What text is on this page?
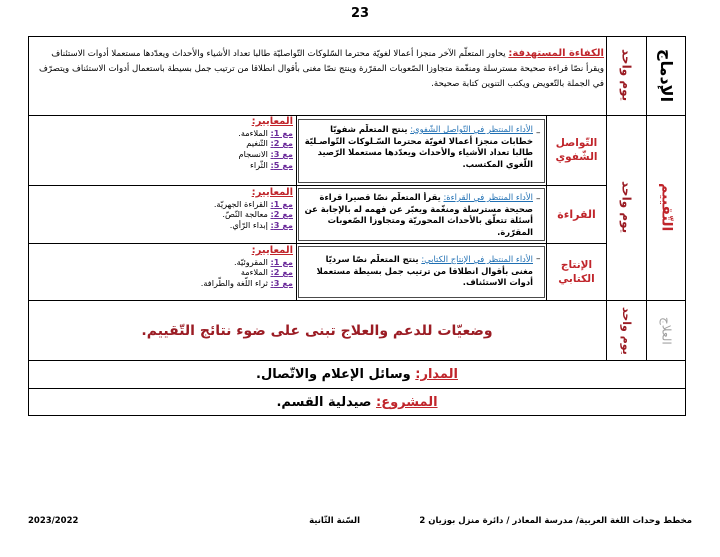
23
الإدماج
يوم واحد
الكفاءة المستهدفة: يحاور المتعلّم الآخر منجزا أعمالا لغويّة محترما السّلوكات التّواصليّة طالبا تعداد الأشياء والأحداث ويعدّدها مستعملا أدوات الاستئناف ويقرأ نصّا قراءة صحيحة مسترسلة ومنغّمة متجاوزا الصّعوبات المقرّرة وينتج نصّا مغنى بأقوال انطلاقا من ترتيب جمل بسيطة باستعمال أدوات الاستئناف ويتصرّف في الجملة بالتّعويض ويكتب التنوين كتابة صحيحة.
التّقييم
يوم واحد
التّواصل الشّفوي
–
الأداء المنتظر في التّواصل الشّفوي: ينتج المتعلّم شفويّا خطابات منجزا أعمالا لغويّة محترما السّـلوكات التّواصـليّة طالبا تعداد الأشياء والأحداث ويعدّدها مستعملا الرّصيد اللّغوي المكتسب.
المعايير:
مع 1: الملاءمة.
مع 2: التّنغيم
مع 3: الانسجام
مع 5: الثّراء
القراءة
–
الأداء المنتظر في القراءة: يقرأ المتعلّم نصّا قصيرا قراءة صحيحة مسترسلة ومنغّمة ويعبّر عن فهمه له بالإجابة عن أسئلة تتعلّق بالأحداث المحوريّة ومتجاوزا الصّعوبات المقرّرة.
المعايير:
مع 1: القراءة الجهريّة.
مع 2: معالجة النّصّ.
مع 3: إبداء الرّأي.
الإنتاج الكتابي
–
الأداء المنتظر في الإنتاج الكتابي: ينتج المتعلّم نصّا سرديّا مغنى بأقوال انطلاقا من ترتيب جمل بسيطة مستعملا أدوات الاستئناف.
المعايير:
مع 1: المقروئيّة.
مع 2: الملاءمة
مع 3: ثراء اللّغة والطّرافة.
العلاج
يوم واحد
وضعيّات للدعم والعلاج تبنى على ضوء نتائج التّقييم.
المدار:

وسائل الإعلام والاتّصال.
المشروع:

صيدلية القسم.
مخطط وحدات اللغة العربية/ مدرسة المعاذر / دائرة منزل بوزيان 2
السّنة الثّانية
2023/2022
